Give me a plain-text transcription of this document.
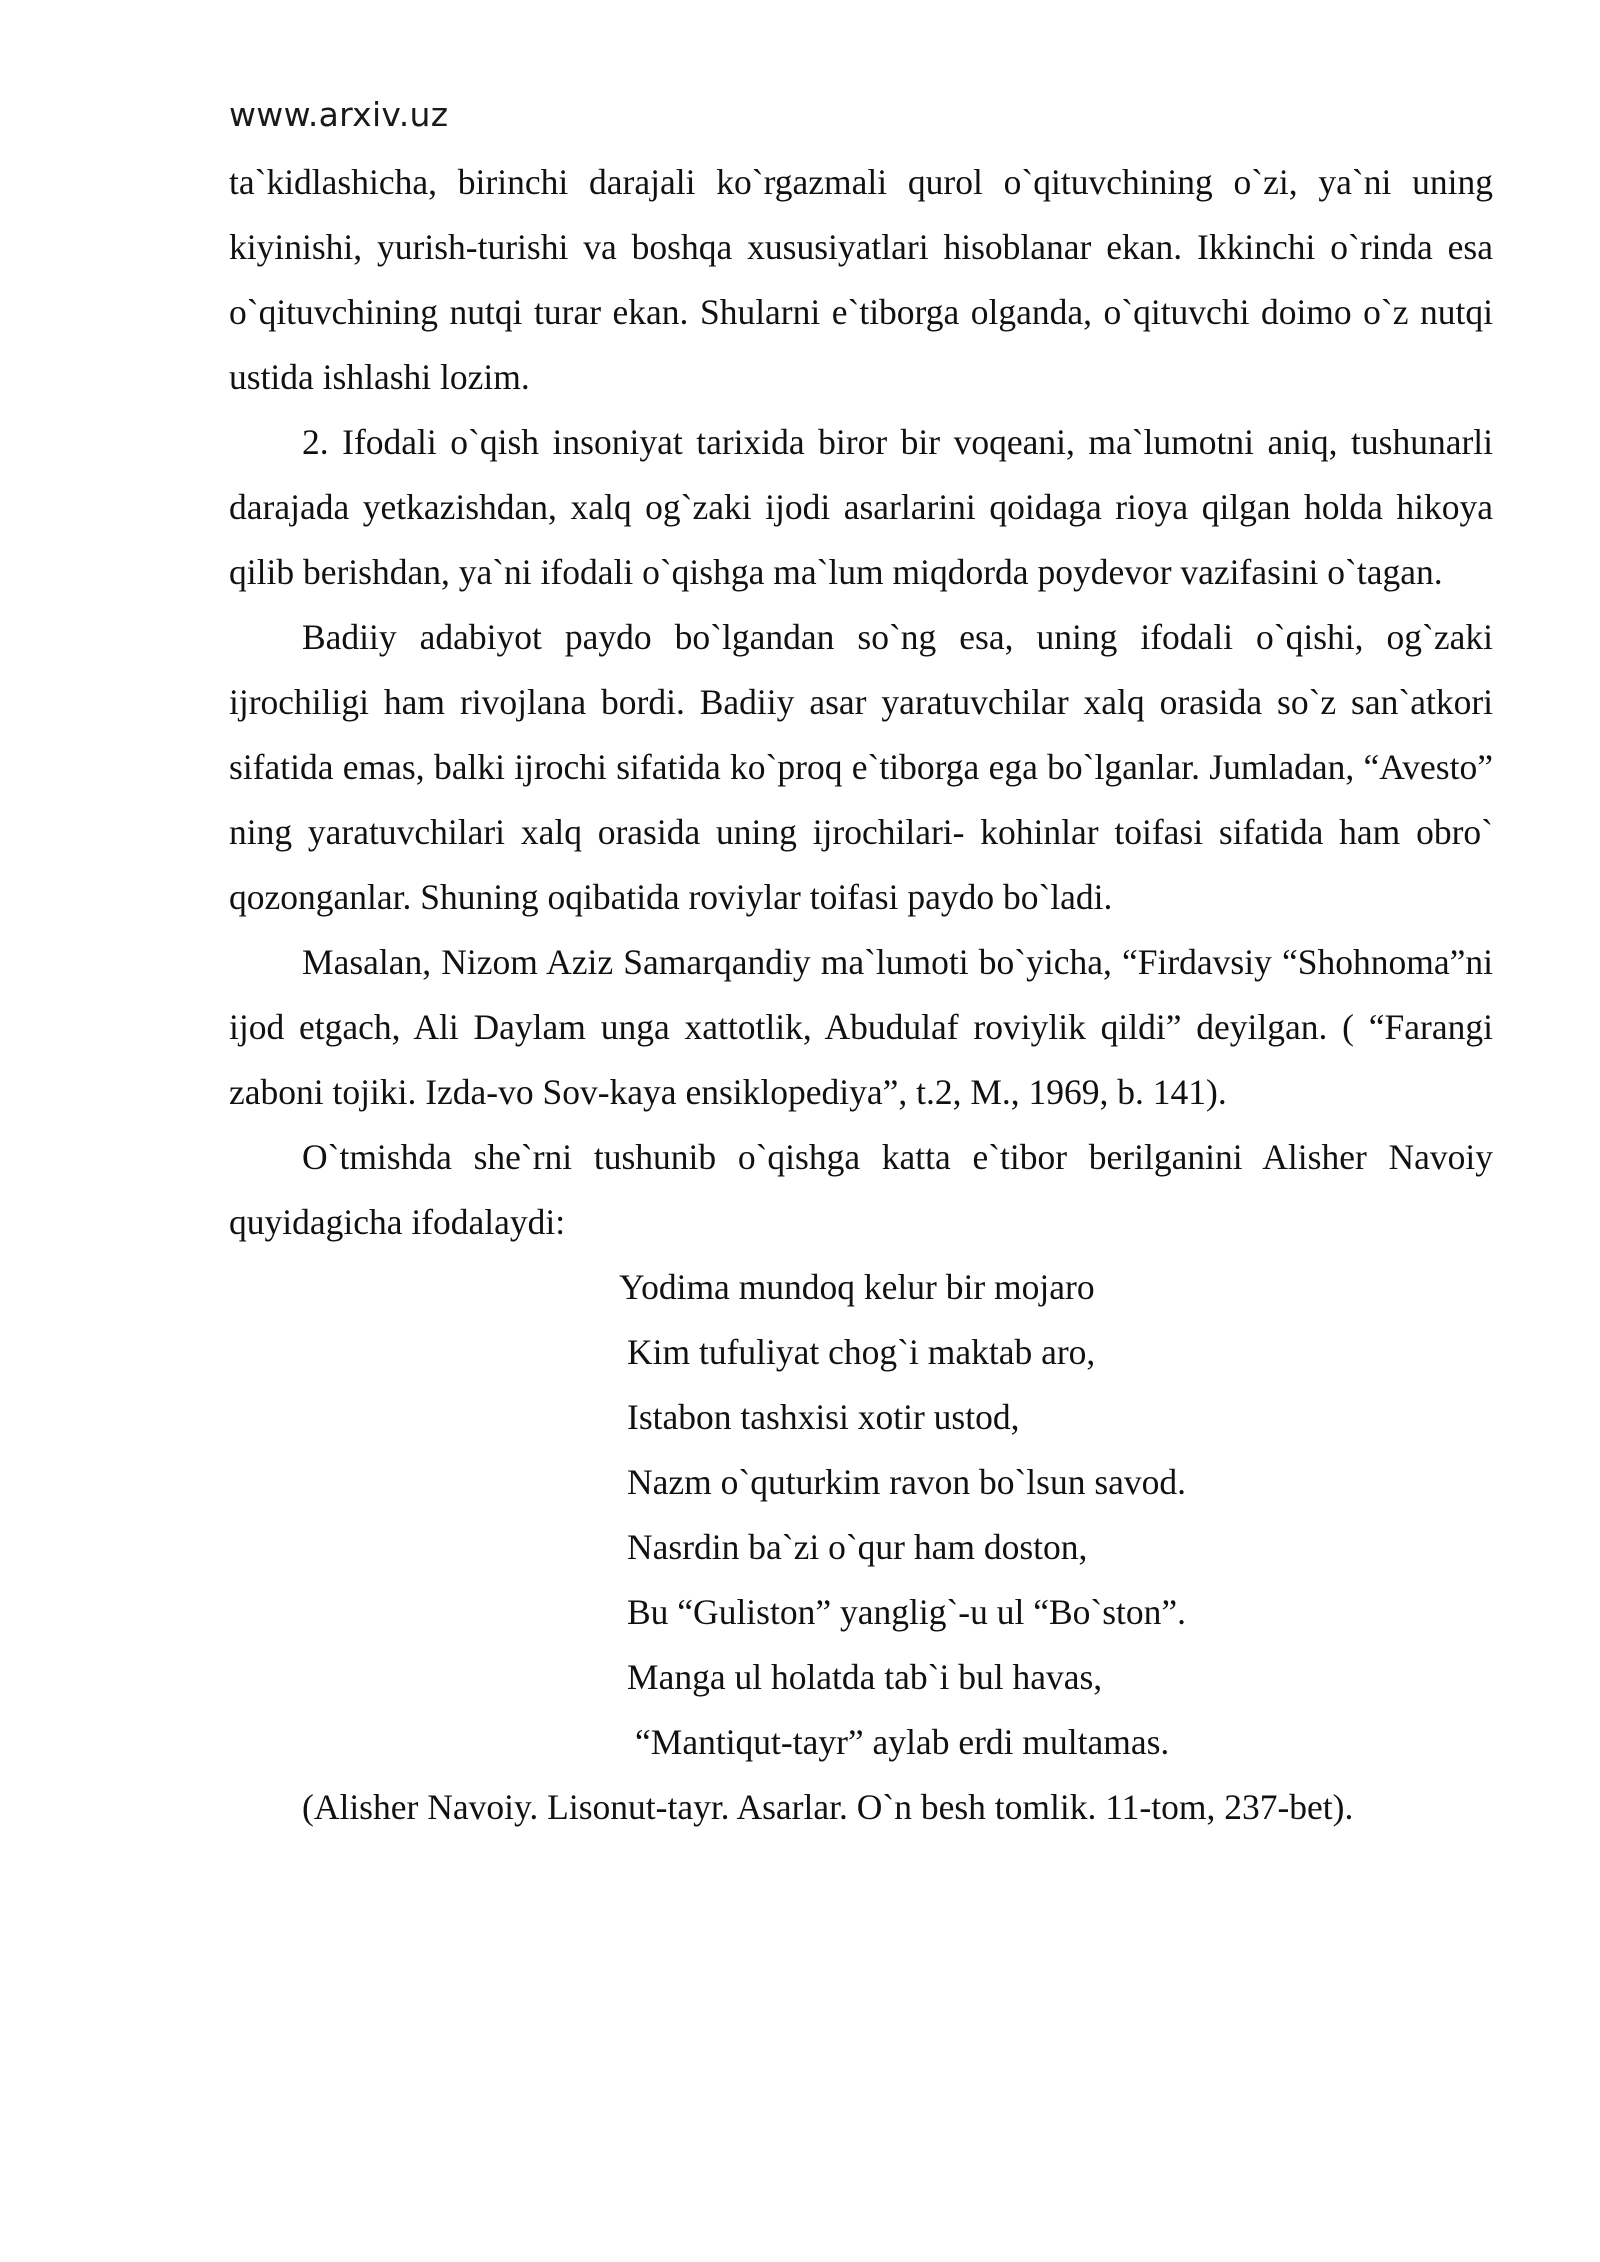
www.arxiv.uz

ta`kidlashicha, birinchi darajali ko`rgazmali qurol o`qituvchining o`zi, ya`ni uning kiyinishi, yurish-turishi va boshqa xususiyatlari hisoblanar ekan. Ikkinchi o`rinda esa o`qituvchining nutqi turar ekan. Shularni e`tiborga olganda, o`qituvchi doimo o`z nutqi ustida ishlashi lozim.

2. Ifodali o`qish insoniyat tarixida biror bir voqeani, ma`lumotni aniq, tushunarli darajada yetkazishdan, xalq og`zaki ijodi asarlarini qoidaga rioya qilgan holda hikoya qilib berishdan, ya`ni ifodali o`qishga ma`lum miqdorda poydevor vazifasini o`tagan.

Badiiy adabiyot paydo bo`lgandan so`ng esa, uning ifodali o`qishi, og`zaki ijrochiligi ham rivojlana bordi. Badiiy asar yaratuvchilar xalq orasida so`z san`atkori sifatida emas, balki ijrochi sifatida ko`proq e`tiborga ega bo`lganlar. Jumladan, “Avesto” ning yaratuvchilari xalq orasida uning ijrochilari- kohinlar toifasi sifatida ham obro` qozonganlar. Shuning oqibatida roviylar toifasi paydo bo`ladi.

Masalan, Nizom Aziz Samarqandiy ma`lumoti bo`yicha, “Firdavsiy “Shohnoma”ni ijod etgach, Ali Daylam unga xattotlik, Abudulaf roviylik qildi” deyilgan. ( “Farangi zaboni tojiki. Izda-vo Sov-kaya ensiklopediya”, t.2, M., 1969, b. 141).

O`tmishda she`rni tushunib o`qishga katta e`tibor berilganini Alisher Navoiy quyidagicha ifodalaydi:

Yodima mundoq kelur bir mojaro
Kim tufuliyat chog`i maktab aro,
Istabon tashxisi xotir ustod,
Nazm o`quturkim ravon bo`lsun savod.
Nasrdin ba`zi o`qur ham doston,
Bu “Guliston” yanglig`-u ul “Bo`ston”.
Manga ul holatda tab`i bul havas,
“Mantiqut-tayr” aylab erdi multamas.

(Alisher Navoiy. Lisonut-tayr. Asarlar. O`n besh tomlik. 11-tom, 237-bet).
